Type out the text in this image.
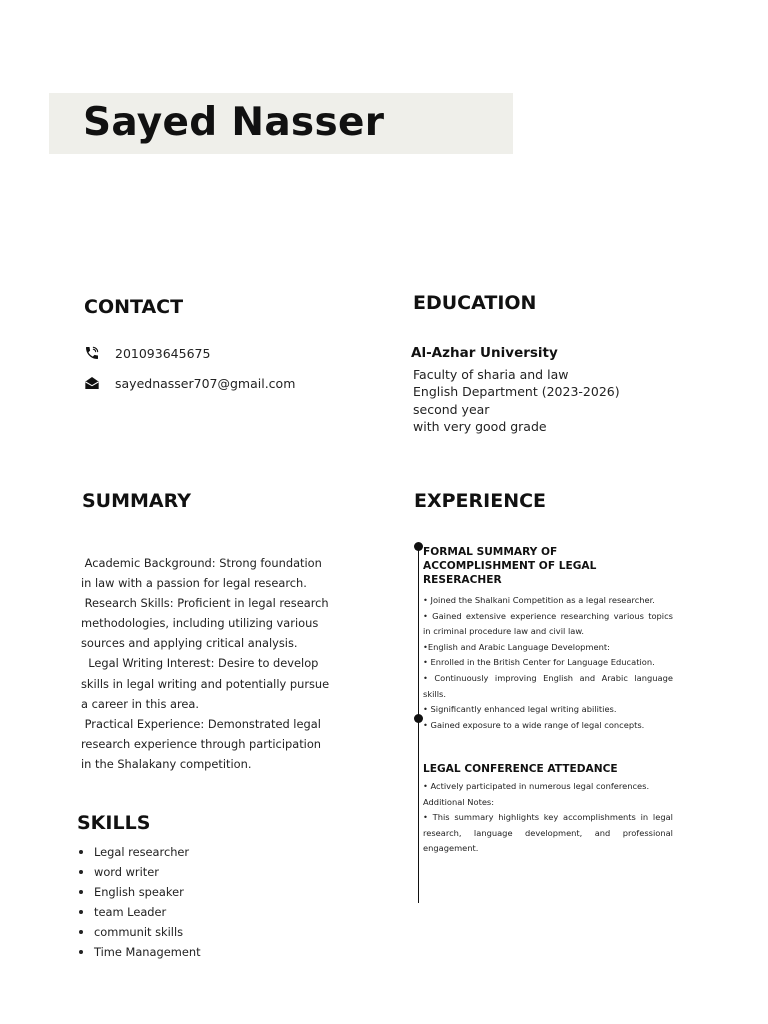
Sayed Nasser
CONTACT
201093645675
sayednasser707@gmail.com
EDUCATION
Al-Azhar University
Faculty of sharia and law
English Department (2023-2026)
second year
with very good grade
SUMMARY

Academic Background: Strong foundation

in law with a passion for legal research.

Research Skills: Proficient in legal research

methodologies, including utilizing various

sources and applying critical analysis.

Legal Writing Interest: Desire to develop

skills in legal writing and potentially pursue

a career in this area.

Practical Experience: Demonstrated legal

research experience through participation

in the Shalakany competition.

SKILLS
Legal researcher
word writer
English speaker
team Leader
communit skills
Time Management
EXPERIENCE
FORMAL SUMMARY OF ACCOMPLISHMENT OF LEGAL RESERACHER

• Joined the Shalkani Competition as a legal researcher.

• Gained extensive experience researching various topics in criminal procedure law and civil law.

•English and Arabic Language Development:

• Enrolled in the British Center for Language Education.

• Continuously improving English and Arabic language skills.

• Significantly enhanced legal writing abilities.

• Gained exposure to a wide range of legal concepts.

LEGAL CONFERENCE ATTEDANCE

• Actively participated in numerous legal conferences.

Additional Notes:

• This summary highlights key accomplishments in legal research, language development, and professional engagement.
